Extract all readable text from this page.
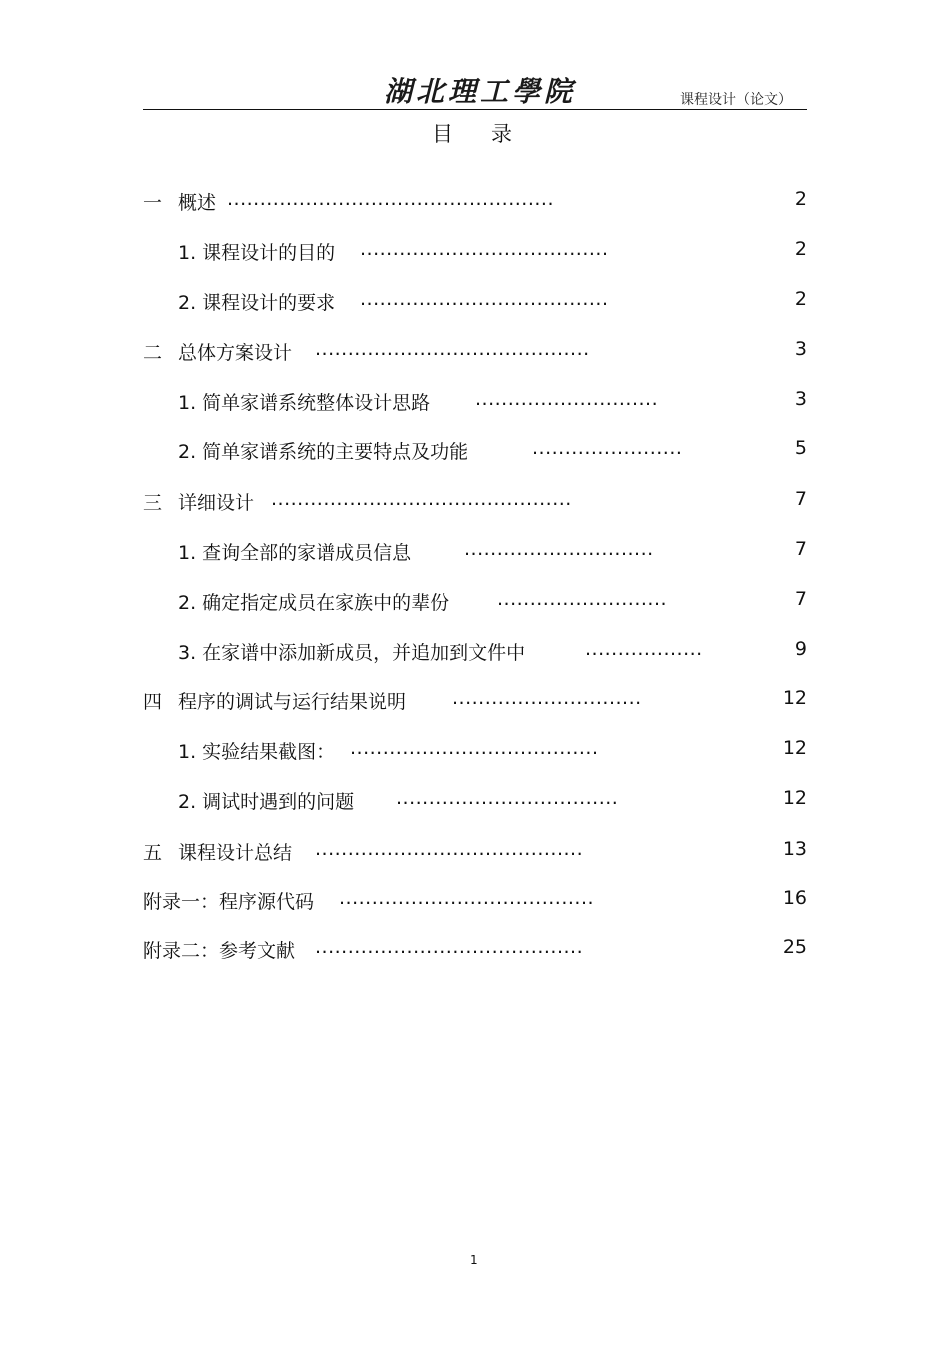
湖北理工學院	课程设计（论文）
目 录
一 概述 ..................................................	2
1. 课程设计的目的 ......................................	2
2. 课程设计的要求 ......................................	2
二 总体方案设计 ..........................................	3
1. 简单家谱系统整体设计思路 ............................	3
2. 简单家谱系统的主要特点及功能	.......................	5
三 详细设计 ..............................................	7
1. 查询全部的家谱成员信息	.............................	7
2. 确定指定成员在家族中的辈份	..........................	7
3. 在家谱中添加新成员，并追加到文件中	..................	9
四 程序的调试与运行结果说明 .............................	12
1. 实验结果截图： ......................................	12
2. 调试时遇到的问题 ..................................	12
五 课程设计总结 .........................................	13
附录一：程序源代码 .......................................	16
附录二：参考文献 .........................................	25
1
